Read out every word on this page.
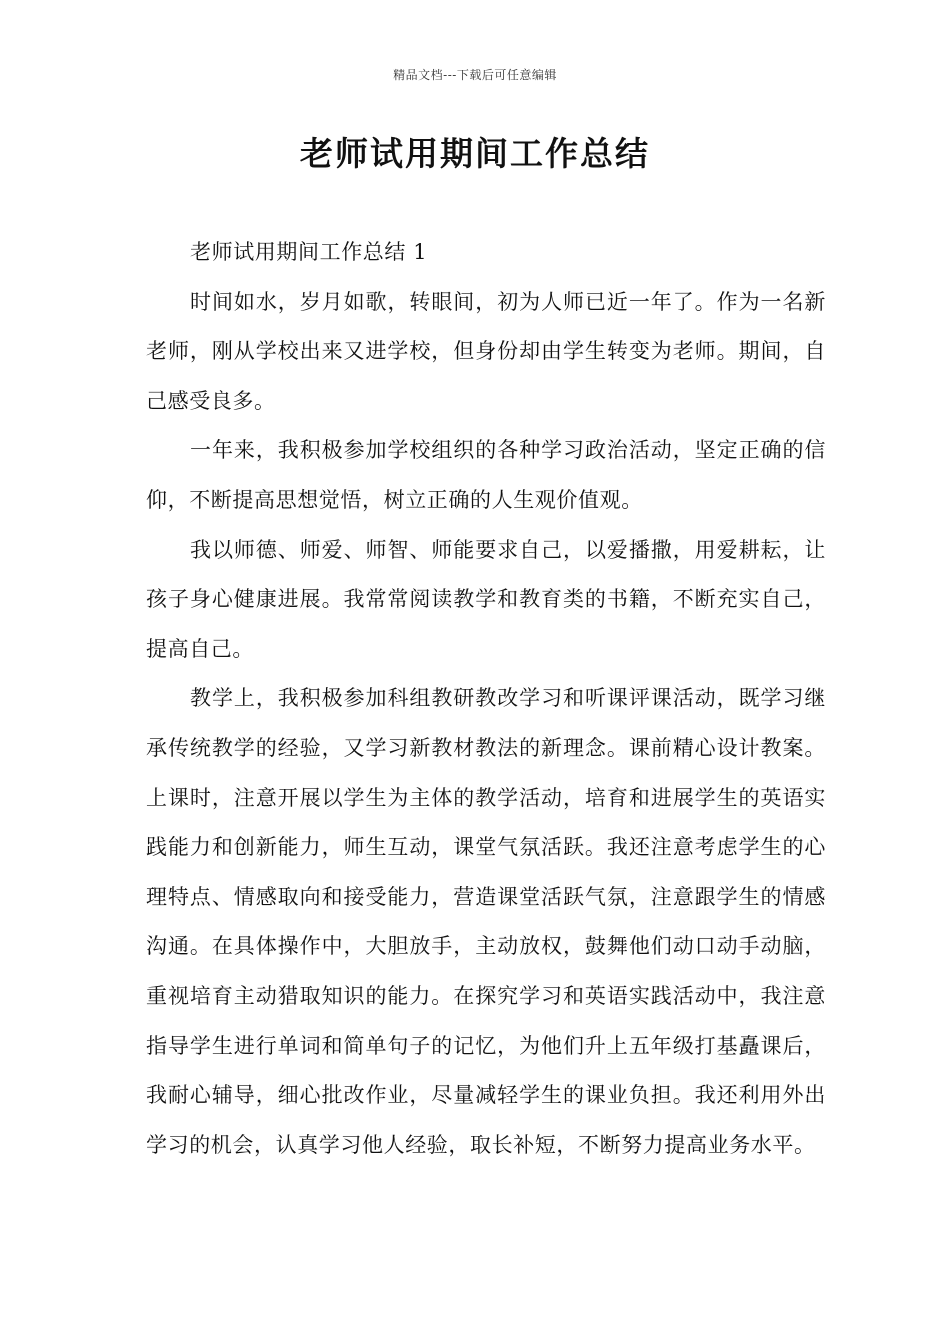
精品文档---下载后可任意编辑
老师试用期间工作总结

老师试用期间工作总结 1

时间如水，岁月如歌，转眼间，初为人师已近一年了。作为一名新老师，刚从学校出来又进学校，但身份却由学生转变为老师。期间，自己感受良多。

一年来，我积极参加学校组织的各种学习政治活动，坚定正确的信仰，不断提高思想觉悟，树立正确的人生观价值观。

我以师德、师爱、师智、师能要求自己，以爱播撒，用爱耕耘，让孩子身心健康进展。我常常阅读教学和教育类的书籍，不断充实自己，提高自己。

教学上，我积极参加科组教研教改学习和听课评课活动，既学习继承传统教学的经验，又学习新教材教法的新理念。课前精心设计教案。上课时，注意开展以学生为主体的教学活动，培育和进展学生的英语实践能力和创新能力，师生互动，课堂气氛活跃。我还注意考虑学生的心理特点、情感取向和接受能力，营造课堂活跃气氛，注意跟学生的情感沟通。在具体操作中，大胆放手，主动放权，鼓舞他们动口动手动脑，重视培育主动猎取知识的能力。在探究学习和英语实践活动中，我注意指导学生进行单词和简单句子的记忆，为他们升上五年级打基矗课后，我耐心辅导，细心批改作业，尽量减轻学生的课业负担。我还利用外出学习的机会，认真学习他人经验，取长补短，不断努力提高业务水平。
